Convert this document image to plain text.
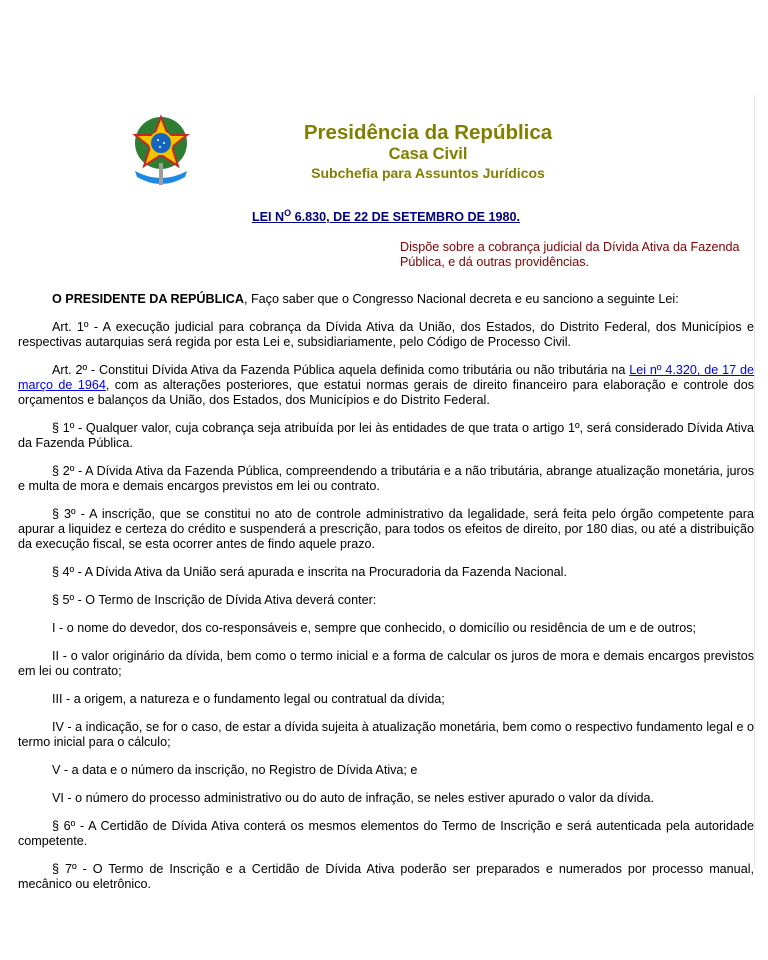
Presidência da República
Casa Civil
Subchefia para Assuntos Jurídicos
LEI $N^O$ 6.830, DE 22 DE SETEMBRO DE 1980.
Dispõe sobre a cobrança judicial da Dívida Ativa da Fazenda Pública, e dá outras providências.

O PRESIDENTE DA REPÚBLICA, Faço saber que o Congresso Nacional decreta e eu sanciono a seguinte Lei:

Art. 1º - A execução judicial para cobrança da Dívida Ativa da União, dos Estados, do Distrito Federal, dos Municípios e respectivas autarquias será regida por esta Lei e, subsidiariamente, pelo Código de Processo Civil.

Art. 2º - Constitui Dívida Ativa da Fazenda Pública aquela definida como tributária ou não tributária na Lei nº 4.320, de 17 de março de 1964, com as alterações posteriores, que estatui normas gerais de direito financeiro para elaboração e controle dos orçamentos e balanços da União, dos Estados, dos Municípios e do Distrito Federal.

§ 1º - Qualquer valor, cuja cobrança seja atribuída por lei às entidades de que trata o artigo 1º, será considerado Dívida Ativa da Fazenda Pública.

§ 2º - A Dívida Ativa da Fazenda Pública, compreendendo a tributária e a não tributária, abrange atualização monetária, juros e multa de mora e demais encargos previstos em lei ou contrato.

§ 3º - A inscrição, que se constitui no ato de controle administrativo da legalidade, será feita pelo órgão competente para apurar a liquidez e certeza do crédito e suspenderá a prescrição, para todos os efeitos de direito, por 180 dias, ou até a distribuição da execução fiscal, se esta ocorrer antes de findo aquele prazo.

§ 4º - A Dívida Ativa da União será apurada e inscrita na Procuradoria da Fazenda Nacional.

§ 5º - O Termo de Inscrição de Dívida Ativa deverá conter:

I - o nome do devedor, dos co-responsáveis e, sempre que conhecido, o domicílio ou residência de um e de outros;

II - o valor originário da dívida, bem como o termo inicial e a forma de calcular os juros de mora e demais encargos previstos em lei ou contrato;

III - a origem, a natureza e o fundamento legal ou contratual da dívida;

IV - a indicação, se for o caso, de estar a dívida sujeita à atualização monetária, bem como o respectivo fundamento legal e o termo inicial para o cálculo;

V - a data e o número da inscrição, no Registro de Dívida Ativa; e

VI - o número do processo administrativo ou do auto de infração, se neles estiver apurado o valor da dívida.

§ 6º - A Certidão de Dívida Ativa conterá os mesmos elementos do Termo de Inscrição e será autenticada pela autoridade competente.

§ 7º - O Termo de Inscrição e a Certidão de Dívida Ativa poderão ser preparados e numerados por processo manual, mecânico ou eletrônico.
